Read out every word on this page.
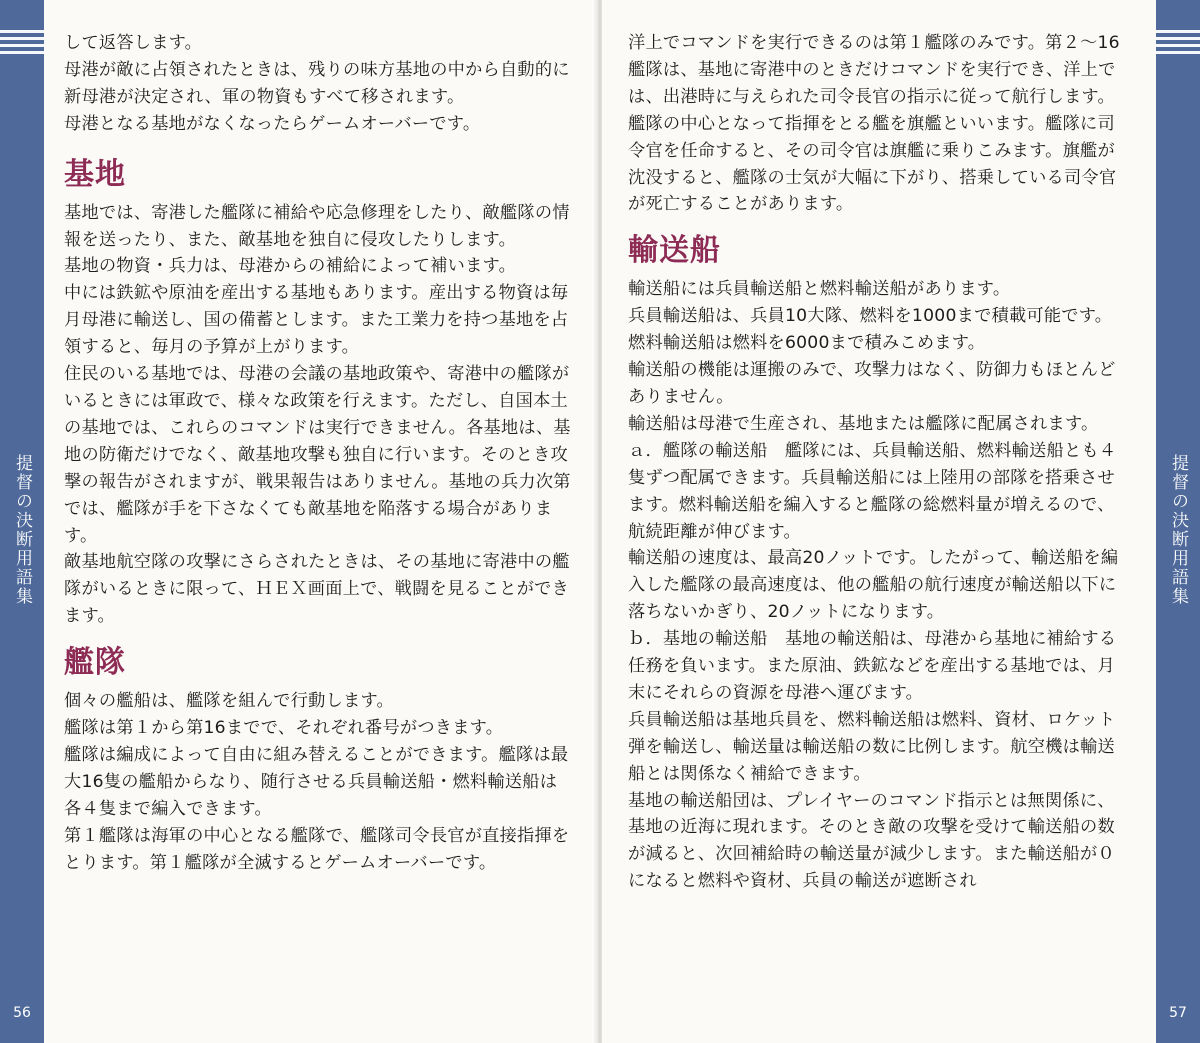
提督の決断用語集
56

して返答します。

母港が敵に占領されたときは、残りの味方基地の中から自動的に新母港が決定され、軍の物資もすべて移されます。

母港となる基地がなくなったらゲームオーバーです。

基地

基地では、寄港した艦隊に補給や応急修理をしたり、敵艦隊の情報を送ったり、また、敵基地を独自に侵攻したりします。

基地の物資・兵力は、母港からの補給によって補います。

中には鉄鉱や原油を産出する基地もあります。産出する物資は毎月母港に輸送し、国の備蓄とします。また工業力を持つ基地を占領すると、毎月の予算が上がります。

住民のいる基地では、母港の会議の基地政策や、寄港中の艦隊がいるときには軍政で、様々な政策を行えます。ただし、自国本土の基地では、これらのコマンドは実行できません。各基地は、基地の防衛だけでなく、敵基地攻撃も独自に行います。そのとき攻撃の報告がされますが、戦果報告はありません。基地の兵力次第では、艦隊が手を下さなくても敵基地を陥落する場合があります。

敵基地航空隊の攻撃にさらされたときは、その基地に寄港中の艦隊がいるときに限って、ＨＥＸ画面上で、戦闘を見ることができます。

艦隊

個々の艦船は、艦隊を組んで行動します。

艦隊は第１から第16までで、それぞれ番号がつきます。

艦隊は編成によって自由に組み替えることができます。艦隊は最大16隻の艦船からなり、随行させる兵員輸送船・燃料輸送船は各４隻まで編入できます。

第１艦隊は海軍の中心となる艦隊で、艦隊司令長官が直接指揮をとります。第１艦隊が全滅するとゲームオーバーです。

提督の決断用語集
57

洋上でコマンドを実行できるのは第１艦隊のみです。第２～16艦隊は、基地に寄港中のときだけコマンドを実行でき、洋上では、出港時に与えられた司令長官の指示に従って航行します。

艦隊の中心となって指揮をとる艦を旗艦といいます。艦隊に司令官を任命すると、その司令官は旗艦に乗りこみます。旗艦が沈没すると、艦隊の士気が大幅に下がり、搭乗している司令官が死亡することがあります。

輸送船

輸送船には兵員輸送船と燃料輸送船があります。

兵員輸送船は、兵員10大隊、燃料を1000まで積載可能です。

燃料輸送船は燃料を6000まで積みこめます。

輸送船の機能は運搬のみで、攻撃力はなく、防御力もほとんどありません。

輸送船は母港で生産され、基地または艦隊に配属されます。

ａ．艦隊の輸送船　艦隊には、兵員輸送船、燃料輸送船とも４隻ずつ配属できます。兵員輸送船には上陸用の部隊を搭乗させます。燃料輸送船を編入すると艦隊の総燃料量が増えるので、航続距離が伸びます。

輸送船の速度は、最高20ノットです。したがって、輸送船を編入した艦隊の最高速度は、他の艦船の航行速度が輸送船以下に落ちないかぎり、20ノットになります。

ｂ．基地の輸送船　基地の輸送船は、母港から基地に補給する任務を負います。また原油、鉄鉱などを産出する基地では、月末にそれらの資源を母港へ運びます。

兵員輸送船は基地兵員を、燃料輸送船は燃料、資材、ロケット弾を輸送し、輸送量は輸送船の数に比例します。航空機は輸送船とは関係なく補給できます。

基地の輸送船団は、プレイヤーのコマンド指示とは無関係に、基地の近海に現れます。そのとき敵の攻撃を受けて輸送船の数が減ると、次回補給時の輸送量が減少します。また輸送船が０になると燃料や資材、兵員の輸送が遮断され
